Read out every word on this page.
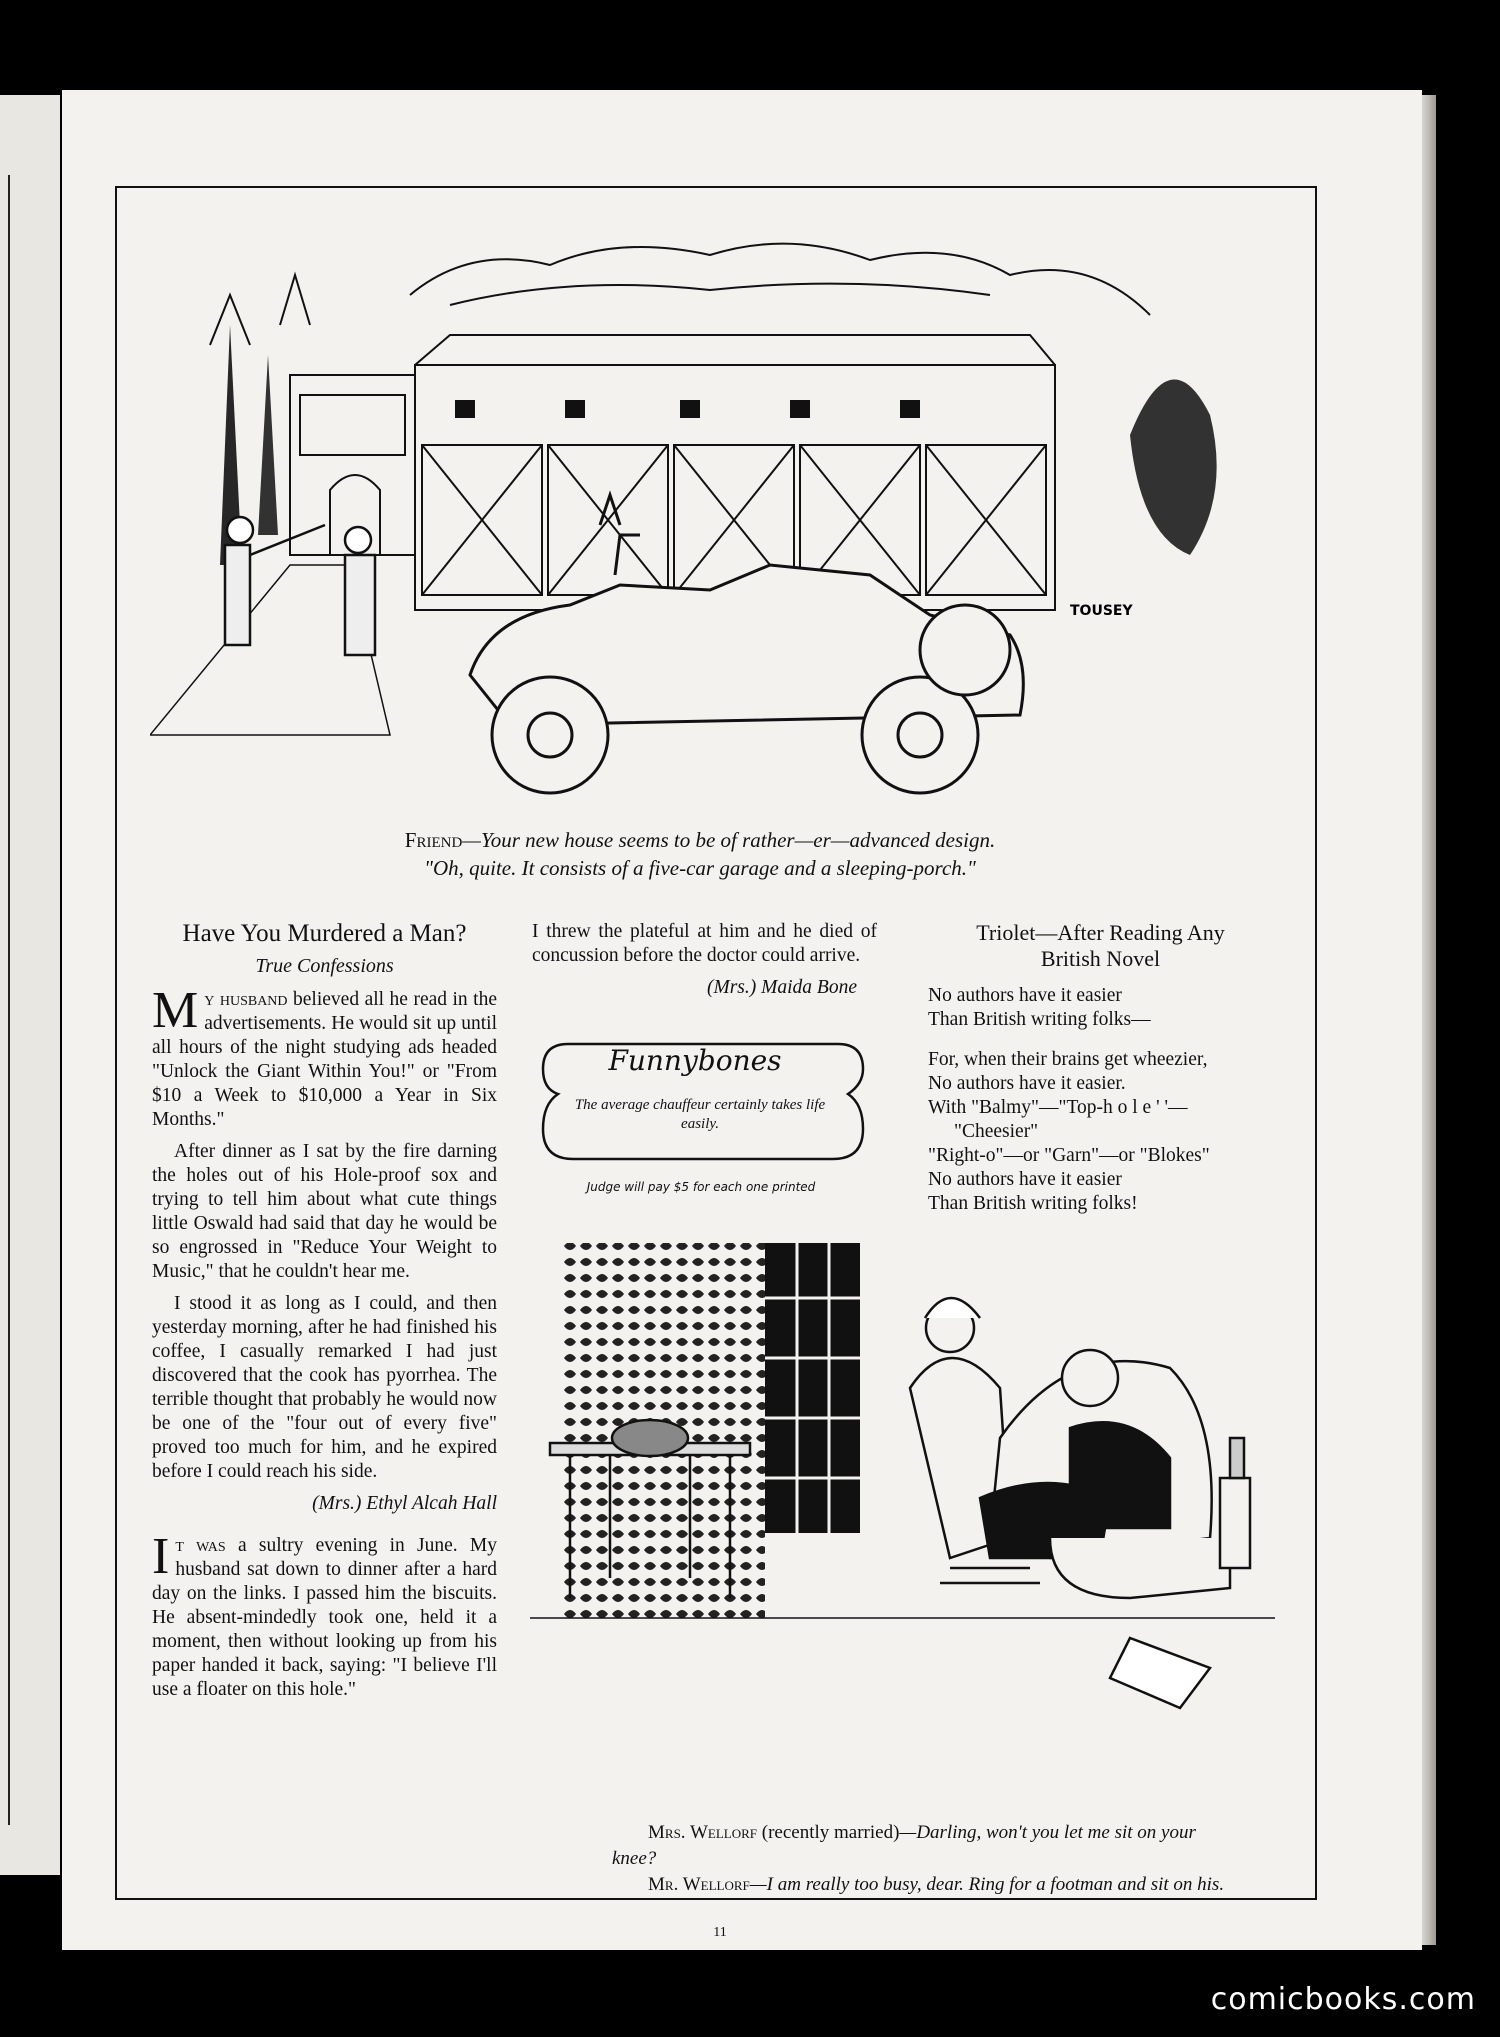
TOUSEY
Friend—Your new house seems to be of rather—er—advanced design.
"Oh, quite. It consists of a five-car garage and a sleeping-porch."
Have You Murdered a Man?
True Confessions

My husband believed all he read in the advertisements. He would sit up until all hours of the night studying ads headed "Unlock the Giant Within You!" or "From $10 a Week to $10,000 a Year in Six Months."

After dinner as I sat by the fire darning the holes out of his Hole-proof sox and trying to tell him about what cute things little Oswald had said that day he would be so engrossed in "Reduce Your Weight to Music," that he couldn't hear me.

I stood it as long as I could, and then yesterday morning, after he had finished his coffee, I casually remarked I had just discovered that the cook has pyorrhea. The terrible thought that probably he would now be one of the "four out of every five" proved too much for him, and he expired before I could reach his side.

(Mrs.) Ethyl Alcah Hall

It was a sultry evening in June. My husband sat down to dinner after a hard day on the links. I passed him the biscuits. He absent-mindedly took one, held it a moment, then without looking up from his paper handed it back, saying: "I believe I'll use a floater on this hole."

I threw the plateful at him and he died of concussion before the doctor could arrive.

(Mrs.) Maida Bone

Funnybones
The average chauffeur certainly takes life easily.
Judge will pay $5 for each one printed
Triolet—After Reading Any
British Novel
No authors have it easier
Than British writing folks—
For, when their brains get wheezier,
No authors have it easier.
With "Balmy"—"Top-h o l e ' '—
"Cheesier"
"Right-o"—or "Garn"—or "Blokes"
No authors have it easier
Than British writing folks!
Mrs. Wellorf (recently married)—Darling, won't you let me sit on your knee?
Mr. Wellorf—I am really too busy, dear. Ring for a footman and sit on his.
11
comicbooks.com
